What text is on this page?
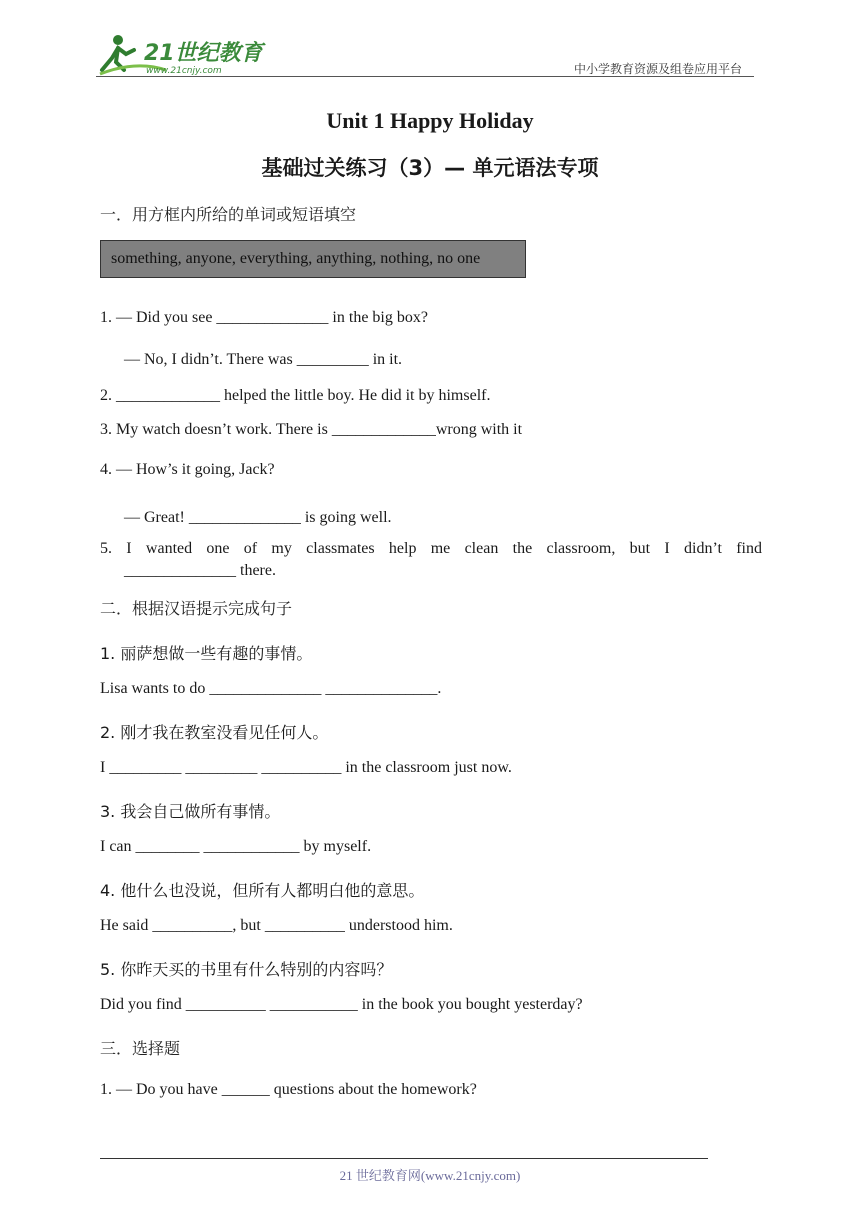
21世纪教育
www.21cnjy.com	中小学教育资源及组卷应用平台
Unit 1 Happy Holiday
基础过关练习（3）— 单元语法专项
一．用方框内所给的单词或短语填空
something, anyone, everything, anything, nothing, no one
1. — Did you see ______________ in the big box?
— No, I didn’t. There was _________ in it.
2. _____________ helped the little boy. He did it by himself.
3. My watch doesn’t work. There is _____________wrong with it
4. — How’s it going, Jack?
— Great! ______________ is going well.
5. I wanted one of my classmates help me clean the classroom, but I didn’t find
______________ there.
二．根据汉语提示完成句子
1. 丽萨想做一些有趣的事情。
Lisa wants to do ______________ ______________.
2. 刚才我在教室没看见任何人。
I _________ _________ __________ in the classroom just now.
3. 我会自己做所有事情。
I can ________ ____________ by myself.
4. 他什么也没说，但所有人都明白他的意思。
He said __________, but __________ understood him.
5. 你昨天买的书里有什么特别的内容吗？
Did you find __________ ___________ in the book you bought yesterday?
三．选择题
1. — Do you have ______ questions about the homework?
21 世纪教育网(www.21cnjy.com)
